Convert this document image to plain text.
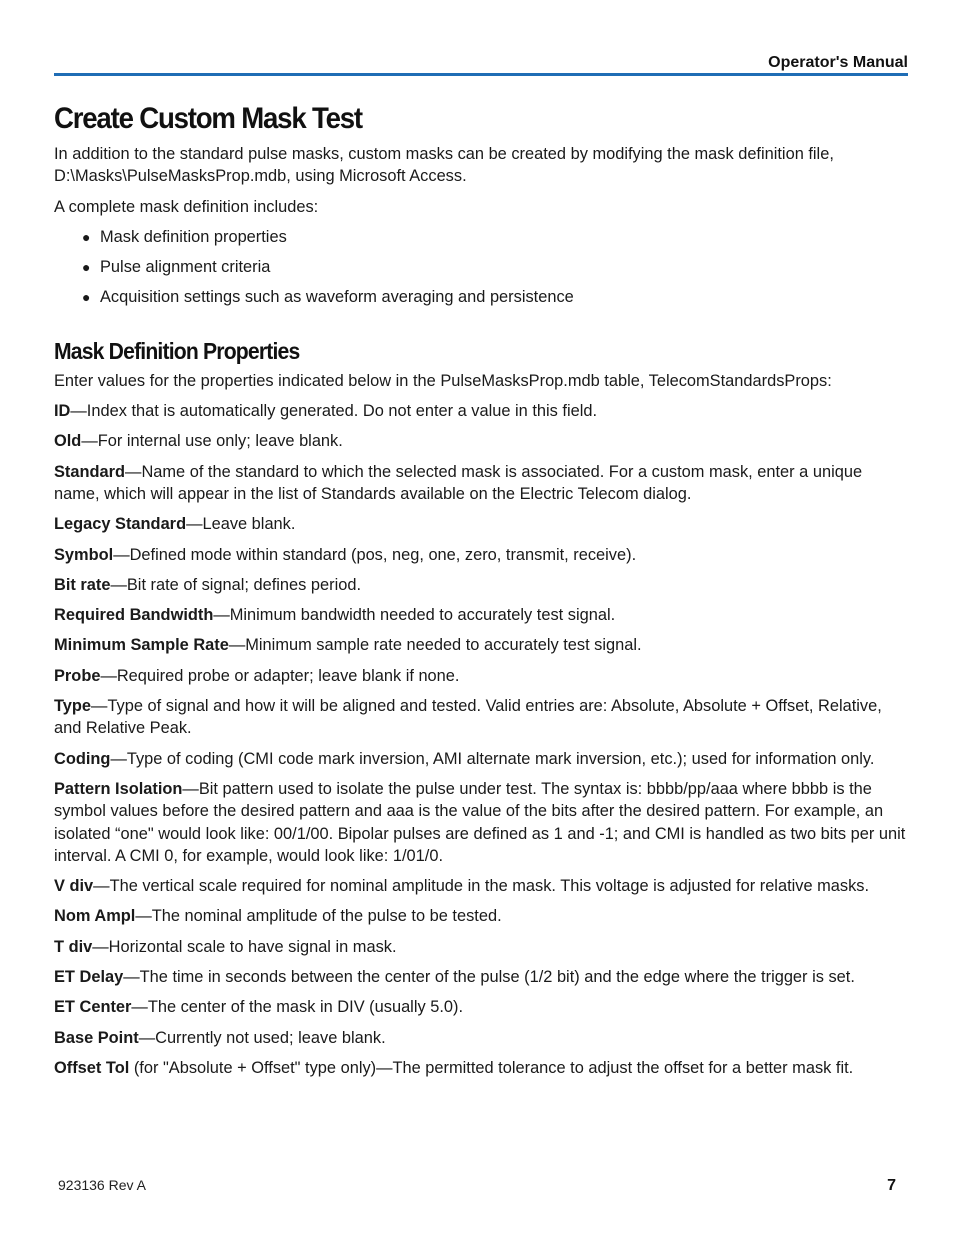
Operator's Manual
Create Custom Mask Test

In addition to the standard pulse masks, custom masks can be created by modifying the mask definition file, D:\Masks\PulseMasksProp.mdb, using Microsoft Access.

A complete mask definition includes:

● Mask definition properties
● Pulse alignment criteria
● Acquisition settings such as waveform averaging and persistence
Mask Definition Properties

Enter values for the properties indicated below in the PulseMasksProp.mdb table, TelecomStandardsProps:

ID—Index that is automatically generated. Do not enter a value in this field.

Old—For internal use only; leave blank.

Standard—Name of the standard to which the selected mask is associated. For a custom mask, enter a unique name, which will appear in the list of Standards available on the Electric Telecom dialog.

Legacy Standard—Leave blank.

Symbol—Defined mode within standard (pos, neg, one, zero, transmit, receive).

Bit rate—Bit rate of signal; defines period.

Required Bandwidth—Minimum bandwidth needed to accurately test signal.

Minimum Sample Rate—Minimum sample rate needed to accurately test signal.

Probe—Required probe or adapter; leave blank if none.

Type—Type of signal and how it will be aligned and tested. Valid entries are: Absolute, Absolute + Offset, Relative, and Relative Peak.

Coding—Type of coding (CMI code mark inversion, AMI alternate mark inversion, etc.); used for information only.

Pattern Isolation—Bit pattern used to isolate the pulse under test. The syntax is: bbbb/pp/aaa where bbbb is the symbol values before the desired pattern and aaa is the value of the bits after the desired pattern. For example, an isolated “one" would look like: 00/1/00. Bipolar pulses are defined as 1 and -1; and CMI is handled as two bits per unit interval. A CMI 0, for example, would look like: 1/01/0.

V div—The vertical scale required for nominal amplitude in the mask. This voltage is adjusted for relative masks.

Nom Ampl—The nominal amplitude of the pulse to be tested.

T div—Horizontal scale to have signal in mask.

ET Delay—The time in seconds between the center of the pulse (1/2 bit) and the edge where the trigger is set.

ET Center—The center of the mask in DIV (usually 5.0).

Base Point—Currently not used; leave blank.

Offset Tol (for "Absolute + Offset" type only)—The permitted tolerance to adjust the offset for a better mask fit.

923136 Rev A	7
